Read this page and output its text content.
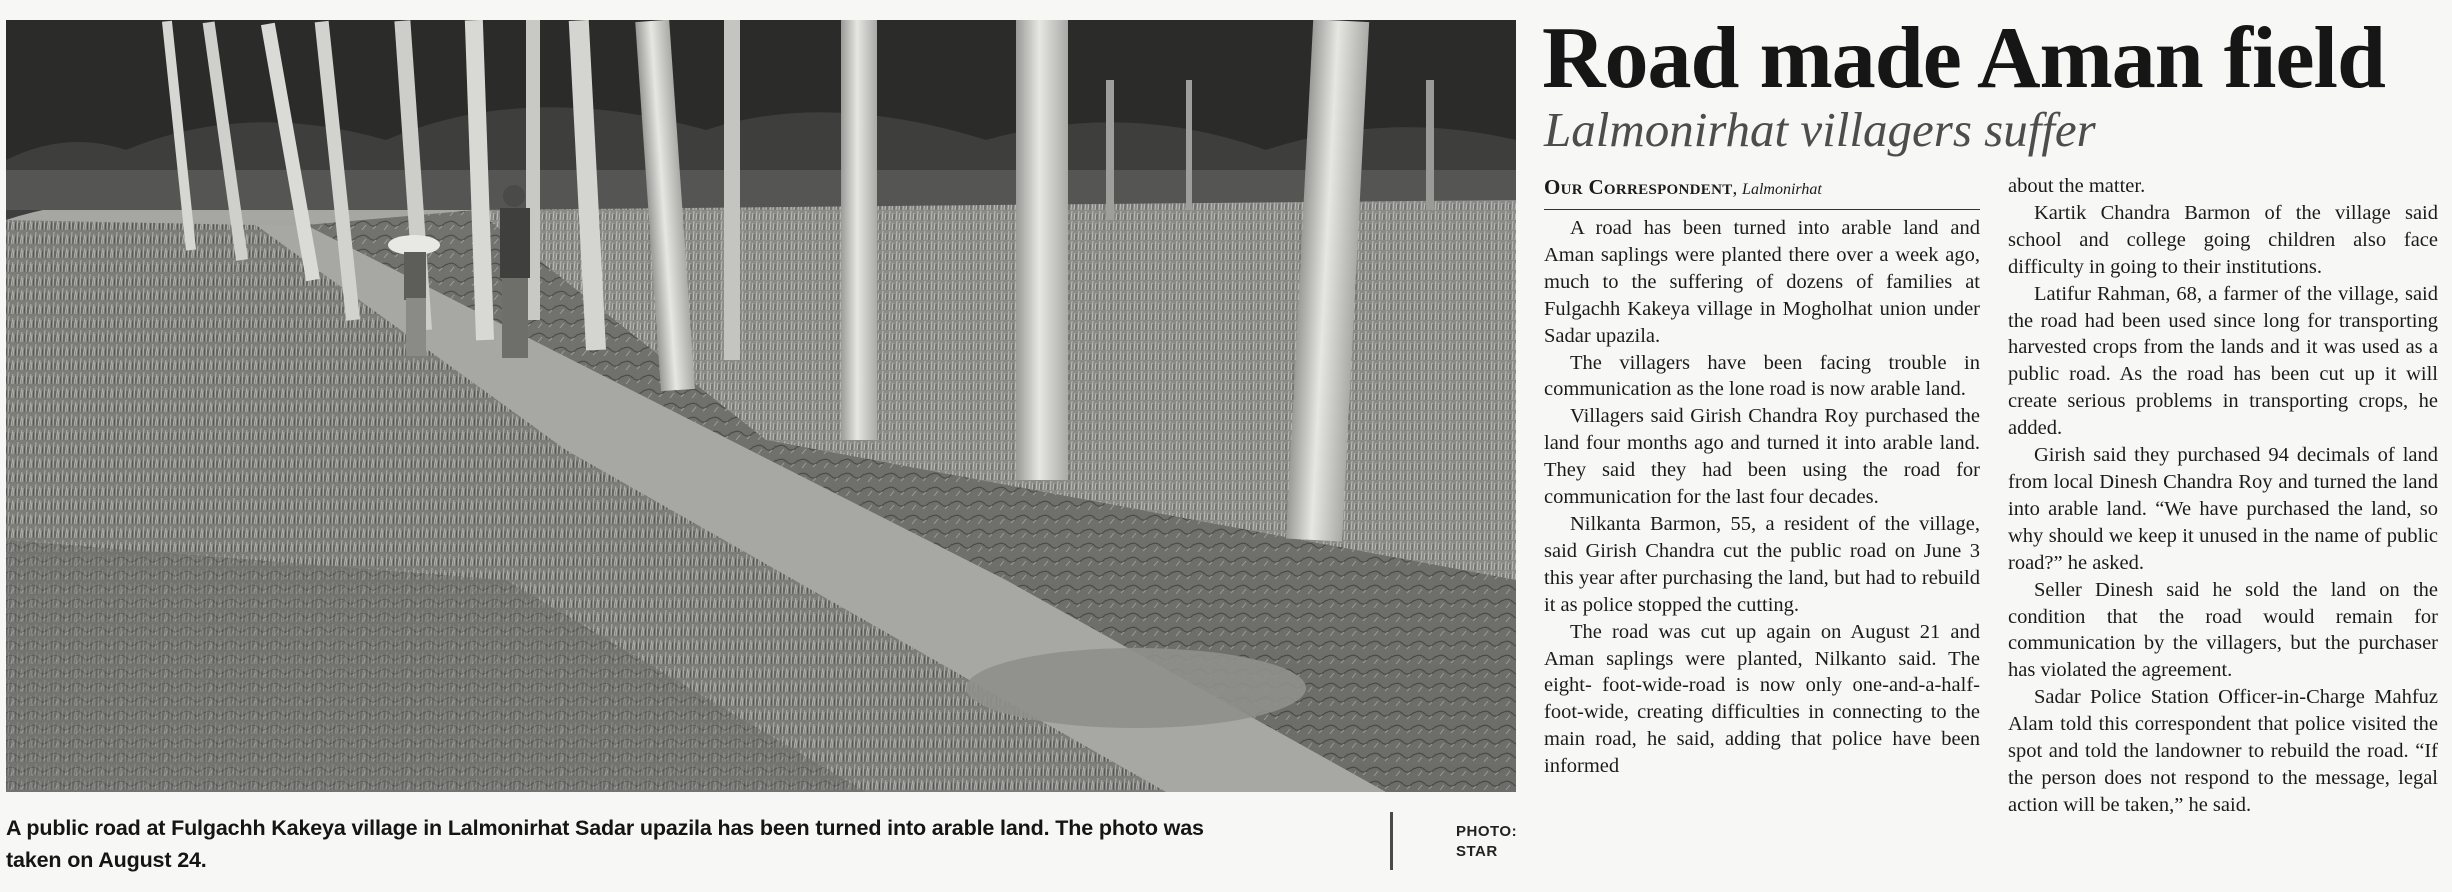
A public road at Fulgachh Kakeya village in Lalmonirhat Sadar upazila has been turned into arable land. The photo was taken on August 24.
PHOTO:
STAR
Road made Aman field
Lalmonirhat villagers suffer
Our Correspondent, Lalmonirhat

A road has been turned into arable land and Aman saplings were planted there over a week ago, much to the suffering of dozens of families at Fulgachh Kakeya village in Mogholhat union under Sadar upazila.

The villagers have been facing trouble in communication as the lone road is now arable land.

Villagers said Girish Chandra Roy purchased the land four months ago and turned it into arable land. They said they had been using the road for communication for the last four decades.

Nilkanta Barmon, 55, a resident of the village, said Girish Chandra cut the public road on June 3 this year after purchasing the land, but had to rebuild it as police stopped the cutting.

The road was cut up again on August 21 and Aman saplings were planted, Nilkanto said. The eight- foot-wide-road is now only one-and-a-half-foot-wide, creating difficulties in connecting to the main road, he said, adding that police have been informed

about the matter.

Kartik Chandra Barmon of the village said school and college going children also face difficulty in going to their institutions.

Latifur Rahman, 68, a farmer of the village, said the road had been used since long for transporting harvested crops from the lands and it was used as a public road. As the road has been cut up it will create serious problems in transporting crops, he added.

Girish said they purchased 94 decimals of land from local Dinesh Chandra Roy and turned the land into arable land. “We have purchased the land, so why should we keep it unused in the name of public road?” he asked.

Seller Dinesh said he sold the land on the condition that the road would remain for communication by the villagers, but the purchaser has violated the agreement.

Sadar Police Station Officer-in-Charge Mahfuz Alam told this correspondent that police visited the spot and told the landowner to rebuild the road. “If the person does not respond to the message, legal action will be taken,” he said.
